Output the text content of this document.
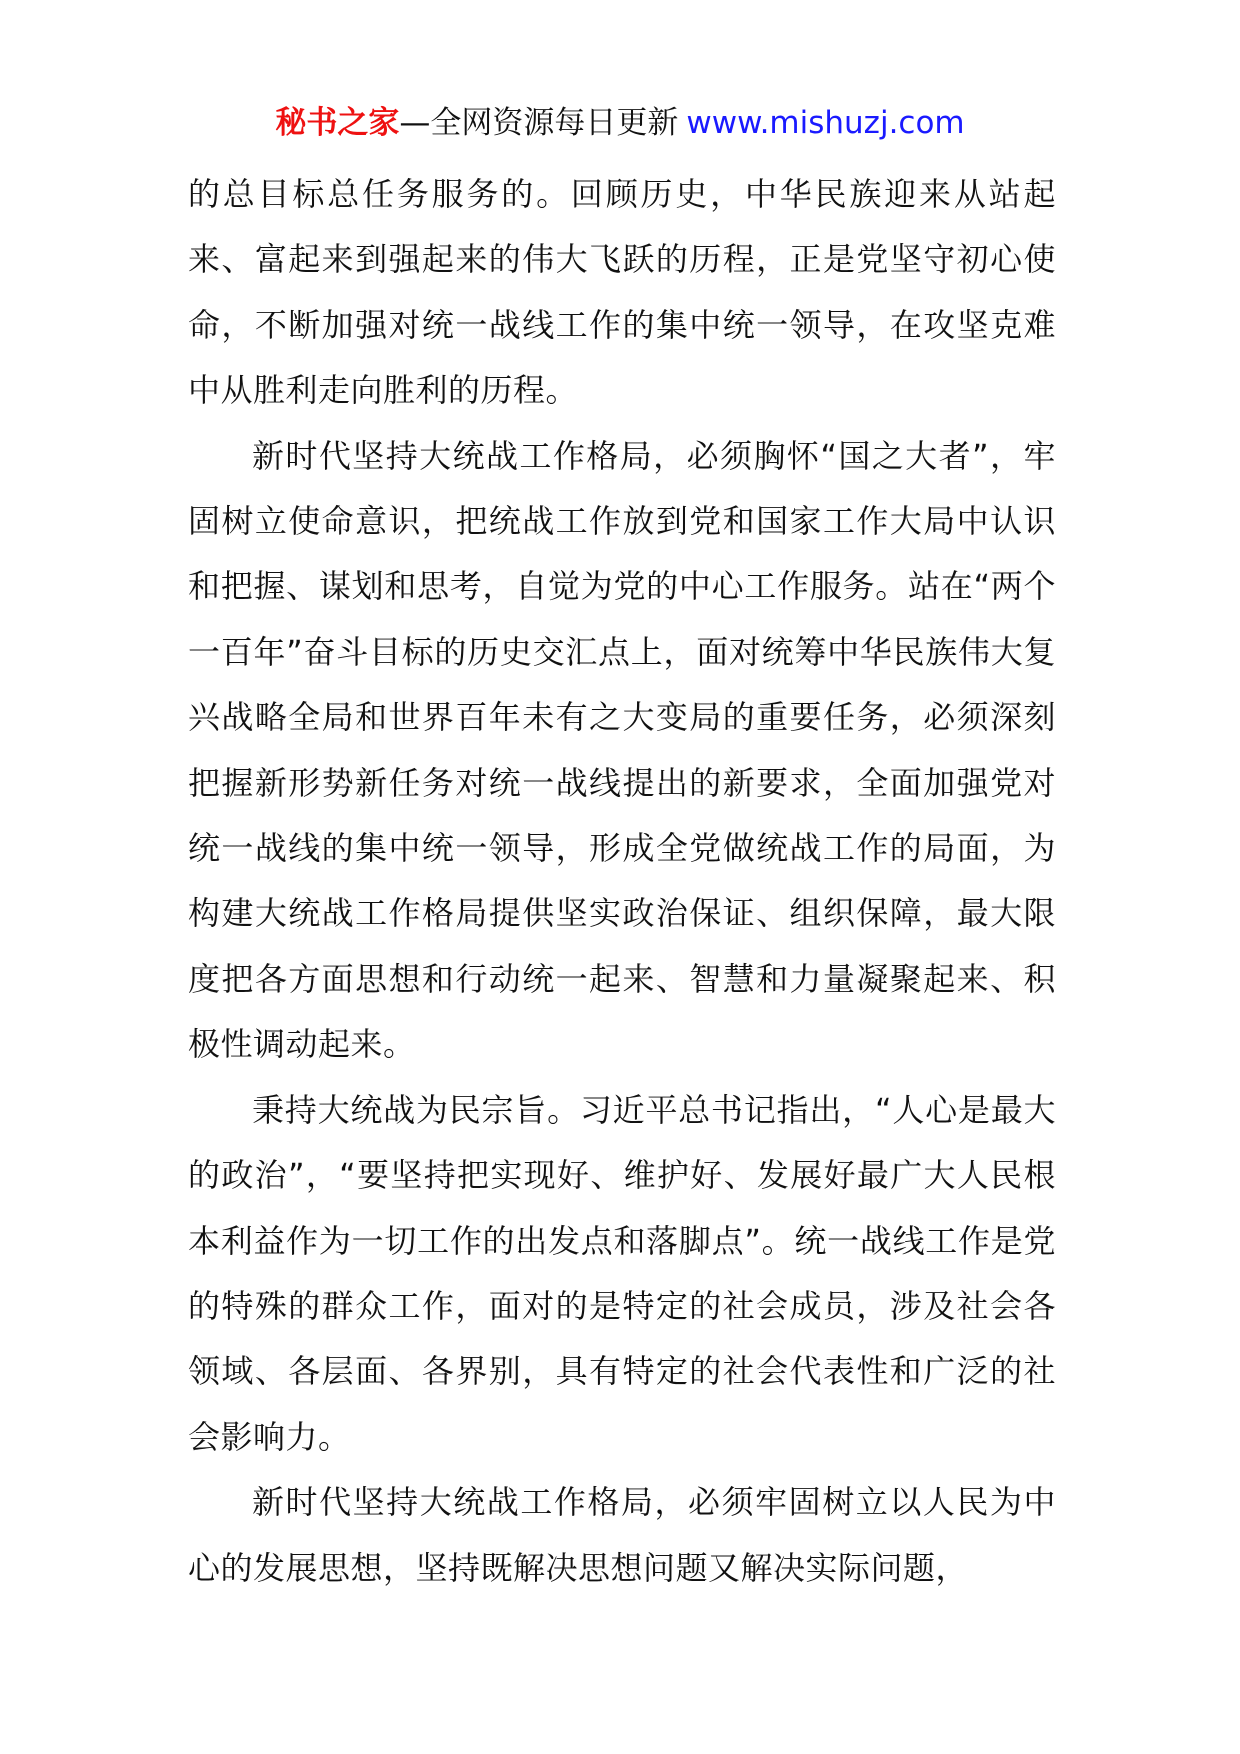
秘书之家—全网资源每日更新 www.mishuzj.com

的总目标总任务服务的。回顾历史，中华民族迎来从站起来、富起来到强起来的伟大飞跃的历程，正是党坚守初心使命，不断加强对统一战线工作的集中统一领导，在攻坚克难中从胜利走向胜利的历程。

新时代坚持大统战工作格局，必须胸怀“国之大者”，牢固树立使命意识，把统战工作放到党和国家工作大局中认识和把握、谋划和思考，自觉为党的中心工作服务。站在“两个一百年”奋斗目标的历史交汇点上，面对统筹中华民族伟大复兴战略全局和世界百年未有之大变局的重要任务，必须深刻把握新形势新任务对统一战线提出的新要求，全面加强党对统一战线的集中统一领导，形成全党做统战工作的局面，为构建大统战工作格局提供坚实政治保证、组织保障，最大限度把各方面思想和行动统一起来、智慧和力量凝聚起来、积极性调动起来。

秉持大统战为民宗旨。习近平总书记指出，“人心是最大的政治”，“要坚持把实现好、维护好、发展好最广大人民根本利益作为一切工作的出发点和落脚点”。统一战线工作是党的特殊的群众工作，面对的是特定的社会成员，涉及社会各领域、各层面、各界别，具有特定的社会代表性和广泛的社会影响力。

新时代坚持大统战工作格局，必须牢固树立以人民为中心的发展思想，坚持既解决思想问题又解决实际问题，
